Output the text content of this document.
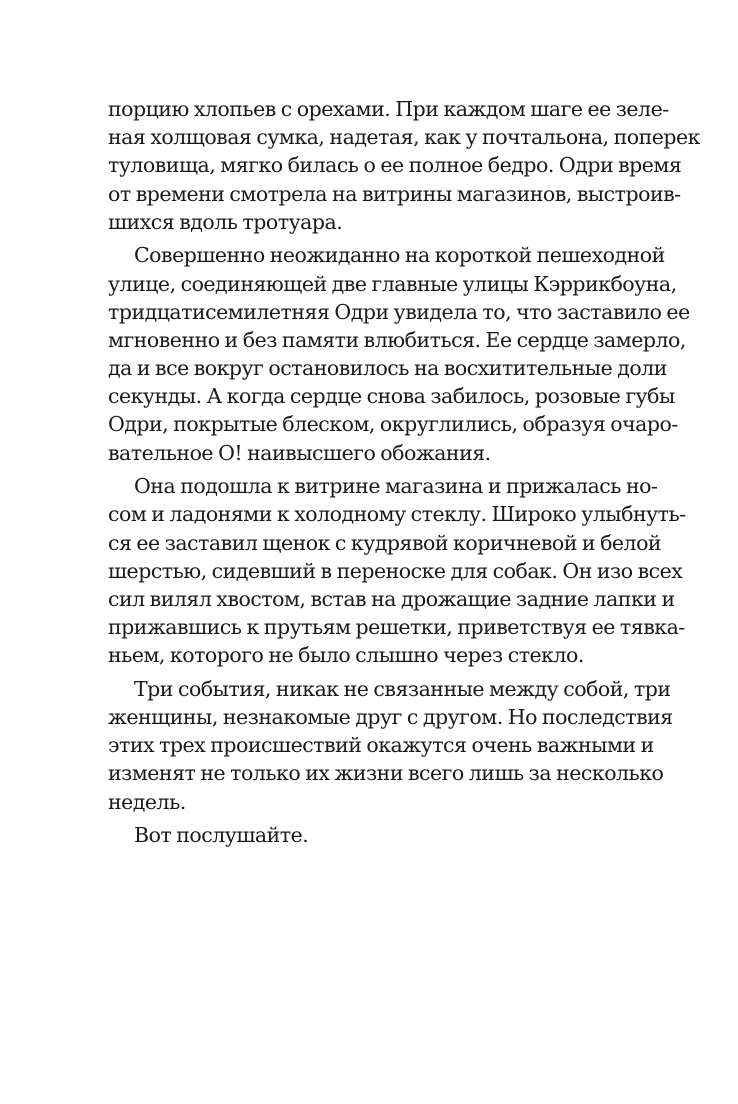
порцию хлопьев с орехами. При каждом шаге ее зеле-
ная холщовая сумка, надетая, как у почтальона, поперек
туловища, мягко билась о ее полное бедро. Одри время
от времени смотрела на витрины магазинов, выстроив-
шихся вдоль тротуара.
Совершенно неожиданно на короткой пешеходной
улице, соединяющей две главные улицы Кэррикбоуна,
тридцатисемилетняя Одри увидела то, что заставило ее
мгновенно и без памяти влюбиться. Ее сердце замерло,
да и все вокруг остановилось на восхитительные доли
секунды. А когда сердце снова забилось, розовые губы
Одри, покрытые блеском, округлились, образуя очаро-
вательное О! наивысшего обожания.
Она подошла к витрине магазина и прижалась но-
сом и ладонями к холодному стеклу. Широко улыбнуть-
ся ее заставил щенок с кудрявой коричневой и белой
шерстью, сидевший в переноске для собак. Он изо всех
сил вилял хвостом, встав на дрожащие задние лапки и
прижавшись к прутьям решетки, приветствуя ее тявка-
ньем, которого не было слышно через стекло.
Три события, никак не связанные между собой, три
женщины, незнакомые друг с другом. Но последствия
этих трех происшествий окажутся очень важными и
изменят не только их жизни всего лишь за несколько
недель.
Вот послушайте.
